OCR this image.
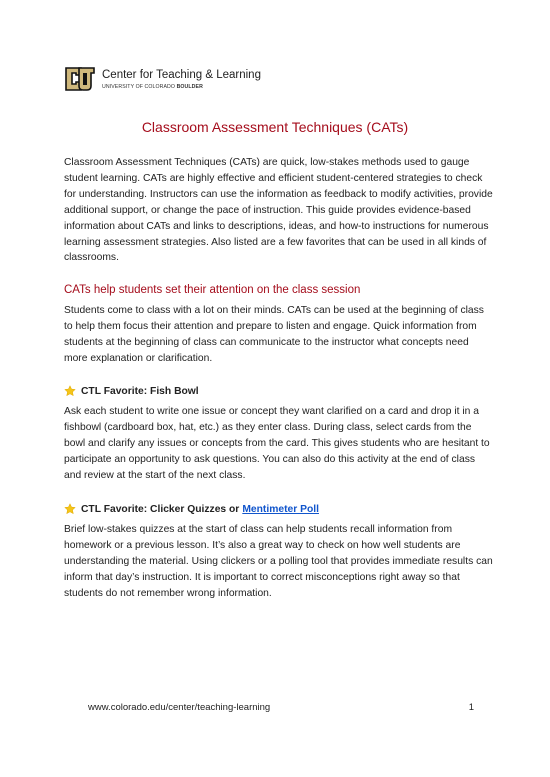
Center for Teaching & Learning
UNIVERSITY OF COLORADO BOULDER
Classroom Assessment Techniques (CATs)

Classroom Assessment Techniques (CATs) are quick, low-stakes methods used to gauge student learning. CATs are highly effective and efficient student-centered strategies to check for understanding. Instructors can use the information as feedback to modify activities, provide additional support, or change the pace of instruction. This guide provides evidence-based information about CATs and links to descriptions, ideas, and how-to instructions for numerous learning assessment strategies. Also listed are a few favorites that can be used in all kinds of classrooms.

CATs help students set their attention on the class session

Students come to class with a lot on their minds. CATs can be used at the beginning of class to help them focus their attention and prepare to listen and engage. Quick information from students at the beginning of class can communicate to the instructor what concepts need more explanation or clarification.

CTL Favorite: Fish Bowl

Ask each student to write one issue or concept they want clarified on a card and drop it in a fishbowl (cardboard box, hat, etc.) as they enter class. During class, select cards from the bowl and clarify any issues or concepts from the card. This gives students who are hesitant to participate an opportunity to ask questions. You can also do this activity at the end of class and review at the start of the next class.

CTL Favorite: Clicker Quizzes or Mentimeter Poll

Brief low-stakes quizzes at the start of class can help students recall information from homework or a previous lesson. It’s also a great way to check on how well students are understanding the material. Using clickers or a polling tool that provides immediate results can inform that day’s instruction. It is important to correct misconceptions right away so that students do not remember wrong information.

www.colorado.edu/center/teaching-learning	1
